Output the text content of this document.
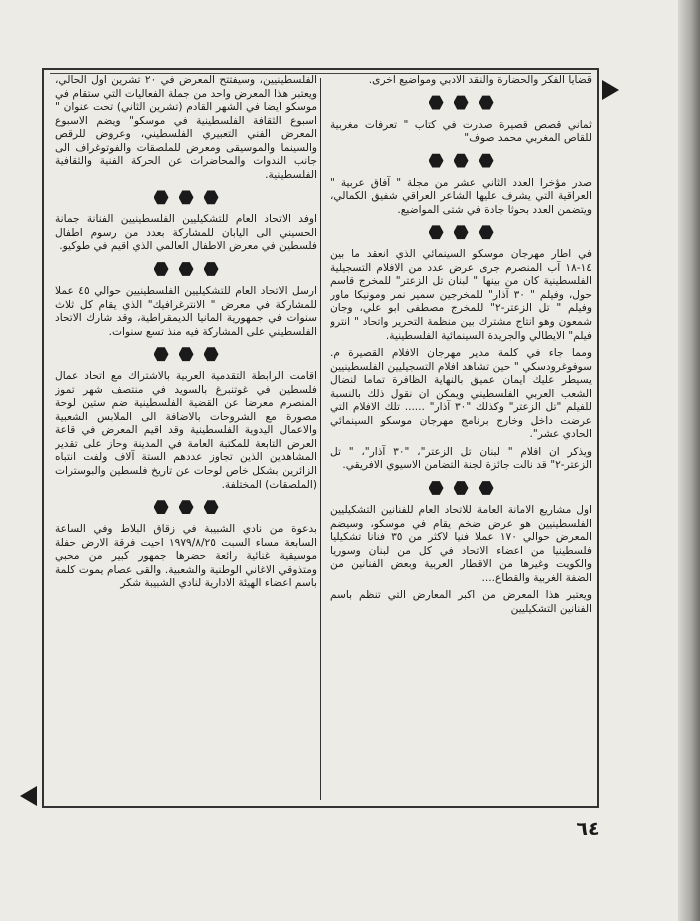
قضايا الفكر والحضارة والنقد الادبي ومواضيع اخرى.

ثماني قصص قصيرة صدرت في كتاب " تعرفات مغربية للقاص المغربي محمد صوف"

صدر مؤخرا العدد الثاني عشر من مجلة " آفاق عربية " العراقية التي يشرف عليها الشاعر العراقي شفيق الكمالي، ويتضمن العدد بحوثا جادة في شتى المواضيع.

في اطار مهرجان موسكو السينمائي الذي انعقد ما بين ١٤-١٨ آب المنصرم جرى عرض عدد من الافلام التسجيلية الفلسطينية كان من بينها " لبنان تل الزعتر" للمخرج قاسم حول، وفيلم " ٣٠ آذار" للمخرجين سمير نمر ومونيكا ماور وفيلم " تل الزعتر-٢" للمخرج مصطفى ابو علي، وجان شمعون وهو انتاج مشترك بين منظمة التحرير واتحاد " انترو فيلم" الايطالي والجريدة السينمائية الفلسطينية.

ومما جاء في كلمة مدير مهرجان الافلام القصيرة م. سوفوغرودسكي " حين تشاهد افلام التسجيليين الفلسطينيين يسيطر عليك ايمان عميق بالنهاية الظافرة تماما لنضال الشعب العربي الفلسطيني ويمكن ان نقول ذلك بالنسبة للفيلم "تل الزعتر" وكذلك "٣٠ آذار" ...... تلك الافلام التي عرضت داخل وخارج برنامج مهرجان موسكو السينمائي الحادي عشر".

ويذكر ان افلام " لبنان تل الزعتر"، "٣٠ آذار"، " تل الزعتر-٢" قد نالت جائزة لجنة التضامن الاسيوي الافريقي.

اول مشاريع الامانة العامة للاتحاد العام للفنانين التشكيليين الفلسطينيين هو عرض ضخم يقام في موسكو، وسيضم المعرض حوالي ١٧٠ عملا فنيا لاكثر من ٣٥ فنانا تشكيليا فلسطينيا من اعضاء الاتحاد في كل من لبنان وسوريا والكويت وغيرها من الاقطار العربية وبعض الفنانين من الضفة الغربية والقطاع....

ويعتبر هذا المعرض من اكبر المعارض التي تنظم باسم الفنانين التشكيليين

الفلسطينيين، وسيفتتح المعرض في ٢٠ تشرين اول الحالي، ويعتبر هذا المعرض واحد من جملة الفعاليات التي ستقام في موسكو ايضا في الشهر القادم (تشرين الثاني) تحت عنوان " اسبوع الثقافة الفلسطينية في موسكو" ويضم الاسبوع المعرض الفني التعبيري الفلسطيني، وعروض للرقص والسينما والموسيقى ومعرض للملصقات والفوتوغراف الى جانب الندوات والمحاضرات عن الحركة الفنية والثقافية الفلسطينية.

اوفد الاتحاد العام للتشكيليين الفلسطينيين الفنانة جمانة الحسيني الى اليابان للمشاركة بعدد من رسوم اطفال فلسطين في معرض الاطفال العالمي الذي اقيم في طوكيو.

ارسل الاتحاد العام للتشكيليين الفلسطينيين حوالي ٤٥ عملا للمشاركة في معرض " الانترغرافيك" الذي يقام كل ثلاث سنوات في جمهورية المانيا الديمقراطية، وقد شارك الاتحاد الفلسطيني على المشاركة فيه منذ تسع سنوات.

اقامت الرابطة التقدمية العربية بالاشتراك مع اتحاد عمال فلسطين في غوتنبرغ بالسويد في منتصف شهر تموز المنصرم معرضا عن القضية الفلسطينية ضم ستين لوحة مصورة مع الشروحات بالاضافة الى الملابس الشعبية والاعمال اليدوية الفلسطينية وقد اقيم المعرض في قاعة العرض التابعة للمكتبة العامة في المدينة وحاز على تقدير المشاهدين الذين تجاوز عددهم الستة آلاف ولفت انتباه الزائرين بشكل خاص لوحات عن تاريخ فلسطين والبوسترات (الملصقات) المختلفة.

بدعوة من نادي الشبيبة في زقاق البلاط وفي الساعة السابعة مساء السبت ١٩٧٩/٨/٢٥ احيت فرقة الارض حفلة موسيقية غنائية رائعة حضرها جمهور كبير من محبي ومتذوقي الاغاني الوطنية والشعبية. والقى عصام يموت كلمة باسم اعضاء الهيئة الادارية لنادي الشبيبة شكر

٦٤
